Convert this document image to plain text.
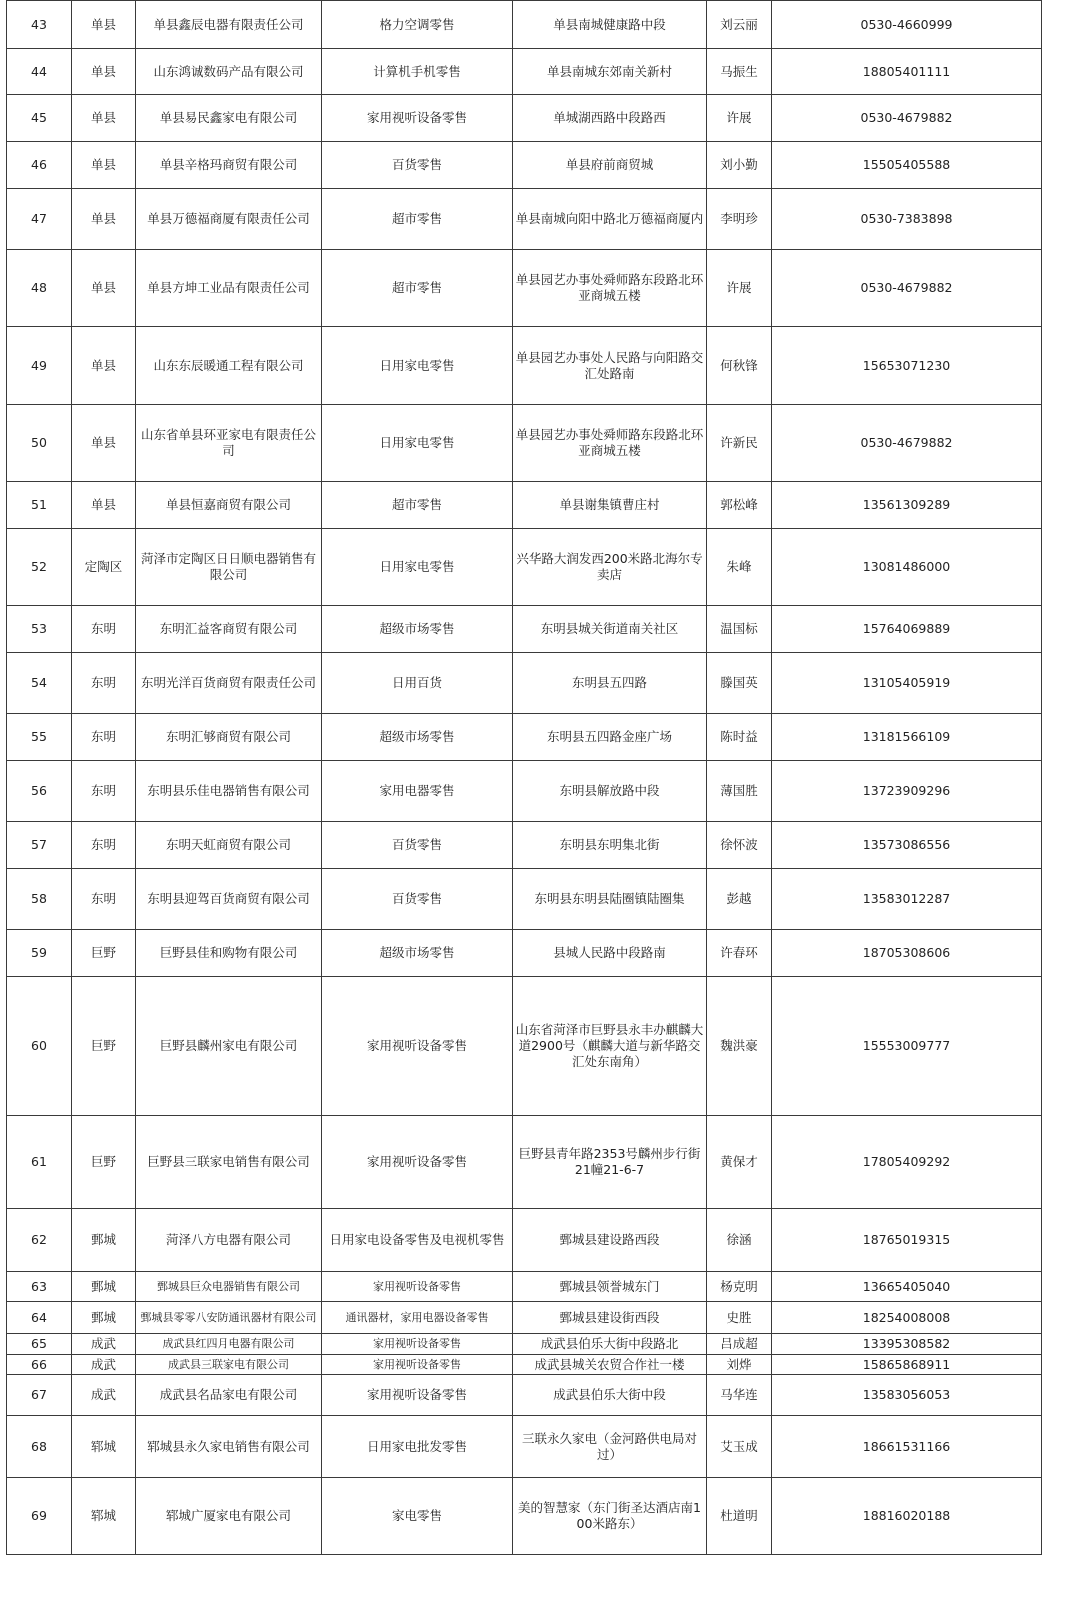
43	单县	单县鑫辰电器有限责任公司	格力空调零售	单县南城健康路中段	刘云丽	0530-4660999
44	单县	山东鸿诚数码产品有限公司	计算机手机零售	单县南城东郊南关新村	马振生	18805401111
45	单县	单县易民鑫家电有限公司	家用视听设备零售	单城湖西路中段路西	许展	0530-4679882
46	单县	单县辛格玛商贸有限公司	百货零售	单县府前商贸城	刘小勤	15505405588
47	单县	单县万德福商厦有限责任公司	超市零售	单县南城向阳中路北万德福商厦内	李明珍	0530-7383898
48	单县	单县方坤工业品有限责任公司	超市零售	单县园艺办事处舜师路东段路北环亚商城五楼	许展	0530-4679882
49	单县	山东东辰暖通工程有限公司	日用家电零售	单县园艺办事处人民路与向阳路交汇处路南	何秋锋	15653071230
50	单县	山东省单县环亚家电有限责任公司	日用家电零售	单县园艺办事处舜师路东段路北环亚商城五楼	许新民	0530-4679882
51	单县	单县恒嘉商贸有限公司	超市零售	单县谢集镇曹庄村	郭松峰	13561309289
52	定陶区	菏泽市定陶区日日顺电器销售有限公司	日用家电零售	兴华路大润发西200米路北海尔专卖店	朱峰	13081486000
53	东明	东明汇益客商贸有限公司	超级市场零售	东明县城关街道南关社区	温国标	15764069889
54	东明	东明光洋百货商贸有限责任公司	日用百货	东明县五四路	滕国英	13105405919
55	东明	东明汇够商贸有限公司	超级市场零售	东明县五四路金座广场	陈时益	13181566109
56	东明	东明县乐佳电器销售有限公司	家用电器零售	东明县解放路中段	薄国胜	13723909296
57	东明	东明天虹商贸有限公司	百货零售	东明县东明集北街	徐怀波	13573086556
58	东明	东明县迎驾百货商贸有限公司	百货零售	东明县东明县陆圈镇陆圈集	彭越	13583012287
59	巨野	巨野县佳和购物有限公司	超级市场零售	县城人民路中段路南	许春环	18705308606
60	巨野	巨野县麟州家电有限公司	家用视听设备零售	山东省菏泽市巨野县永丰办麒麟大道2900号（麒麟大道与新华路交汇处东南角）	魏洪豪	15553009777
61	巨野	巨野县三联家电销售有限公司	家用视听设备零售	巨野县青年路2353号麟州步行街21幢21-6-7	黄保才	17805409292
62	鄄城	菏泽八方电器有限公司	日用家电设备零售及电视机零售	鄄城县建设路西段	徐涵	18765019315
63	鄄城	鄄城县巨众电器销售有限公司	家用视听设备零售	鄄城县领誉城东门	杨克明	13665405040
64	鄄城	鄄城县零零八安防通讯器材有限公司	通讯器材，家用电器设备零售	鄄城县建设街西段	史胜	18254008008
65	成武	成武县红四月电器有限公司	家用视听设备零售	成武县伯乐大街中段路北	吕成超	13395308582
66	成武	成武县三联家电有限公司	家用视听设备零售	成武县城关农贸合作社一楼	刘烨	15865868911
67	成武	成武县名品家电有限公司	家用视听设备零售	成武县伯乐大街中段	马华连	13583056053
68	郓城	郓城县永久家电销售有限公司	日用家电批发零售	三联永久家电（金河路供电局对过）	艾玉成	18661531166
69	郓城	郓城广厦家电有限公司	家电零售	美的智慧家（东门街圣达酒店南100米路东）	杜道明	18816020188
